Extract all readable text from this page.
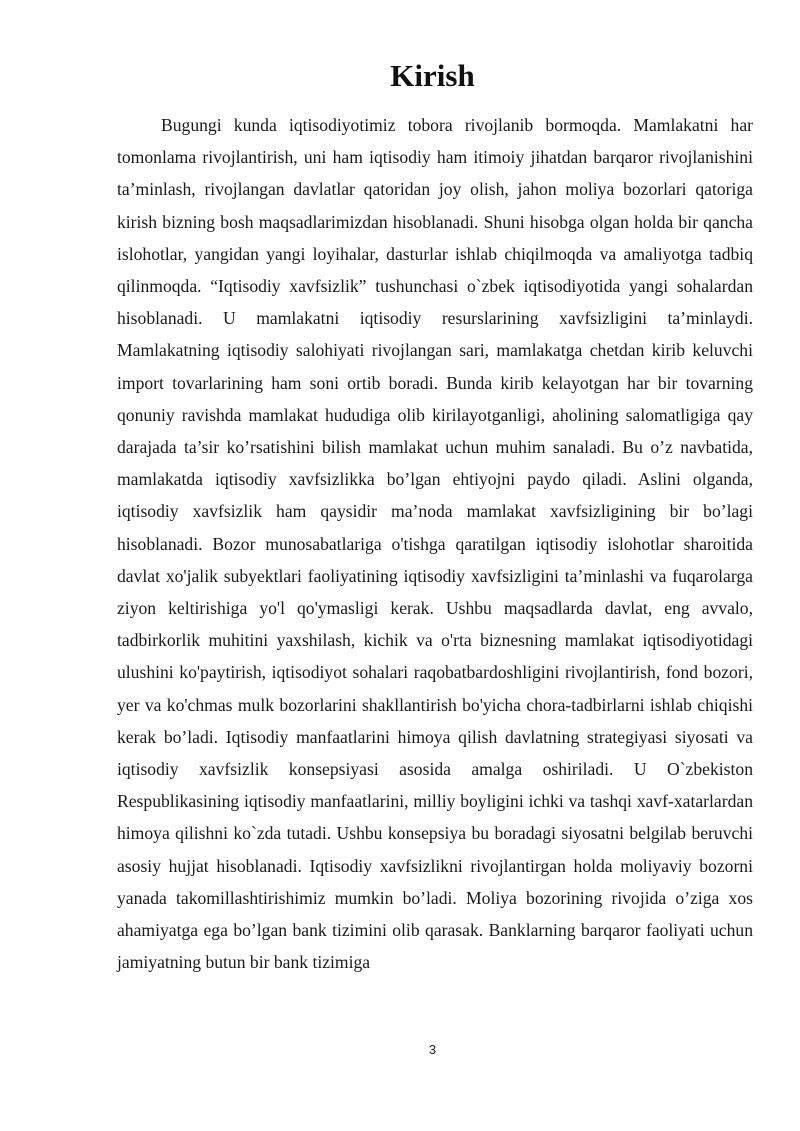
Kirish

Bugungi kunda iqtisodiyotimiz tobora rivojlanib bormoqda. Mamlakatni har tomonlama rivojlantirish, uni ham iqtisodiy ham itimoiy jihatdan barqaror rivojlanishini ta’minlash, rivojlangan davlatlar qatoridan joy olish, jahon moliya bozorlari qatoriga kirish bizning bosh maqsadlarimizdan hisoblanadi. Shuni hisobga olgan holda bir qancha islohotlar, yangidan yangi loyihalar, dasturlar ishlab chiqilmoqda va amaliyotga tadbiq qilinmoqda. “Iqtisodiy xavfsizlik” tushunchasi o`zbek iqtisodiyotida yangi sohalardan hisoblanadi. U mamlakatni iqtisodiy resurslarining xavfsizligini ta’minlaydi. Mamlakatning iqtisodiy salohiyati rivojlangan sari, mamlakatga chetdan kirib keluvchi import tovarlarining ham soni ortib boradi. Bunda kirib kelayotgan har bir tovarning qonuniy ravishda mamlakat hududiga olib kirilayotganligi, aholining salomatligiga qay darajada ta’sir ko’rsatishini bilish mamlakat uchun muhim sanaladi. Bu o’z navbatida, mamlakatda iqtisodiy xavfsizlikka bo’lgan ehtiyojni paydo qiladi. Aslini olganda, iqtisodiy xavfsizlik ham qaysidir ma’noda mamlakat xavfsizligining bir bo’lagi hisoblanadi. Bozor munosabatlariga o'tishga qaratilgan iqtisodiy islohotlar sharoitida davlat xo'jalik subyektlari faoliyatining iqtisodiy xavfsizligini ta’minlashi va fuqarolarga ziyon keltirishiga yo'l qo'ymasligi kerak. Ushbu maqsadlarda davlat, eng avvalo, tadbirkorlik muhitini yaxshilash, kichik va o'rta biznesning mamlakat iqtisodiyotidagi ulushini ko'paytirish, iqtisodiyot sohalari raqobatbardoshligini rivojlantirish, fond bozori, yer va ko'chmas mulk bozorlarini shakllantirish bo'yicha chora-tadbirlarni ishlab chiqishi kerak bo’ladi. Iqtisodiy manfaatlarini himoya qilish davlatning strategiyasi siyosati va iqtisodiy xavfsizlik konsepsiyasi asosida amalga oshiriladi. U O`zbekiston Respublikasining iqtisodiy manfaatlarini, milliy boyligini ichki va tashqi xavf-xatarlardan himoya qilishni ko`zda tutadi. Ushbu konsepsiya bu boradagi siyosatni belgilab beruvchi asosiy hujjat hisoblanadi. Iqtisodiy xavfsizlikni rivojlantirgan holda moliyaviy bozorni yanada takomillashtirishimiz mumkin bo’ladi. Moliya bozorining rivojida o’ziga xos ahamiyatga ega bo’lgan bank tizimini olib qarasak. Banklarning barqaror faoliyati uchun jamiyatning butun bir bank tizimiga

3
